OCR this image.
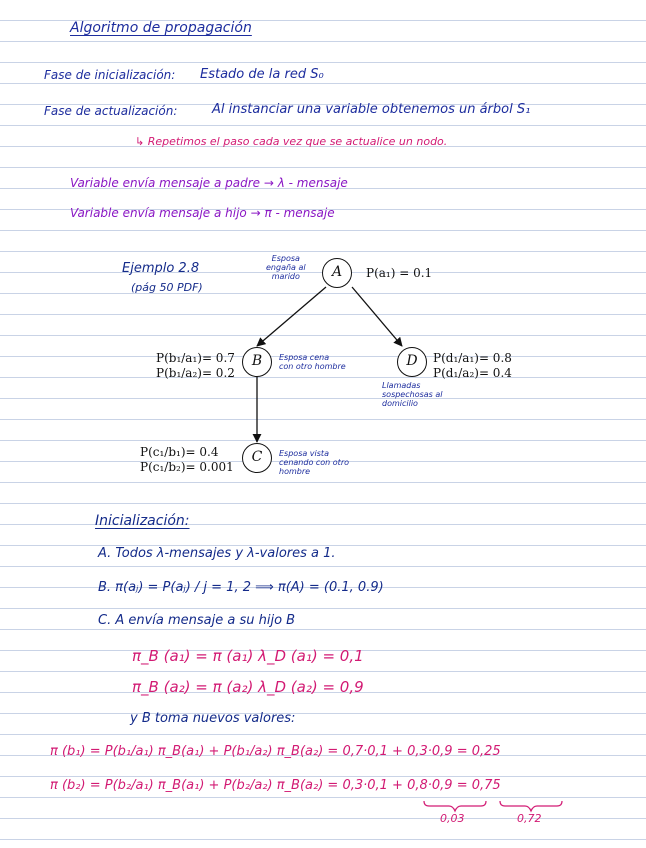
Algoritmo de propagación
Fase de inicialización: Estado de la red S₀
Fase de actualización:	Al instanciar una variable obtenemos un árbol S₁
↳ Repetimos el paso cada vez que se actualice un nodo.
Variable envía mensaje a padre → λ - mensaje
Variable envía mensaje a hijo → π - mensaje
Ejemplo 2.8
(pág 50 PDF)
A
B	D
C
Esposa
engaña al
marido
Esposa cena
con otro hombre
Llamadas
sospechosas al
domicilio
Esposa vista
cenando con otro
hombre
P(a₁) = 0.1
P(b₁/a₁)= 0.7
P(b₁/a₂)= 0.2
P(d₁/a₁)= 0.8
P(d₁/a₂)= 0.4
P(c₁/b₁)= 0.4
P(c₁/b₂)= 0.001
Inicialización:
A. Todos λ-mensajes y λ-valores a 1.
B. π(aⱼ) = P(aⱼ) / j = 1, 2 ⟹ π(A) = (0.1, 0.9)
C. A envía mensaje a su hijo B
π_B (a₁) = π (a₁) λ_D (a₁) = 0,1
π_B (a₂) = π (a₂) λ_D (a₂) = 0,9
y B toma nuevos valores:
π (b₁) = P(b₁/a₁) π_B(a₁) + P(b₁/a₂) π_B(a₂) = 0,7·0,1 + 0,3·0,9 = 0,25
π (b₂) = P(b₂/a₁) π_B(a₁) + P(b₂/a₂) π_B(a₂) = 0,3·0,1 + 0,8·0,9 = 0,75
0,03	0,72
